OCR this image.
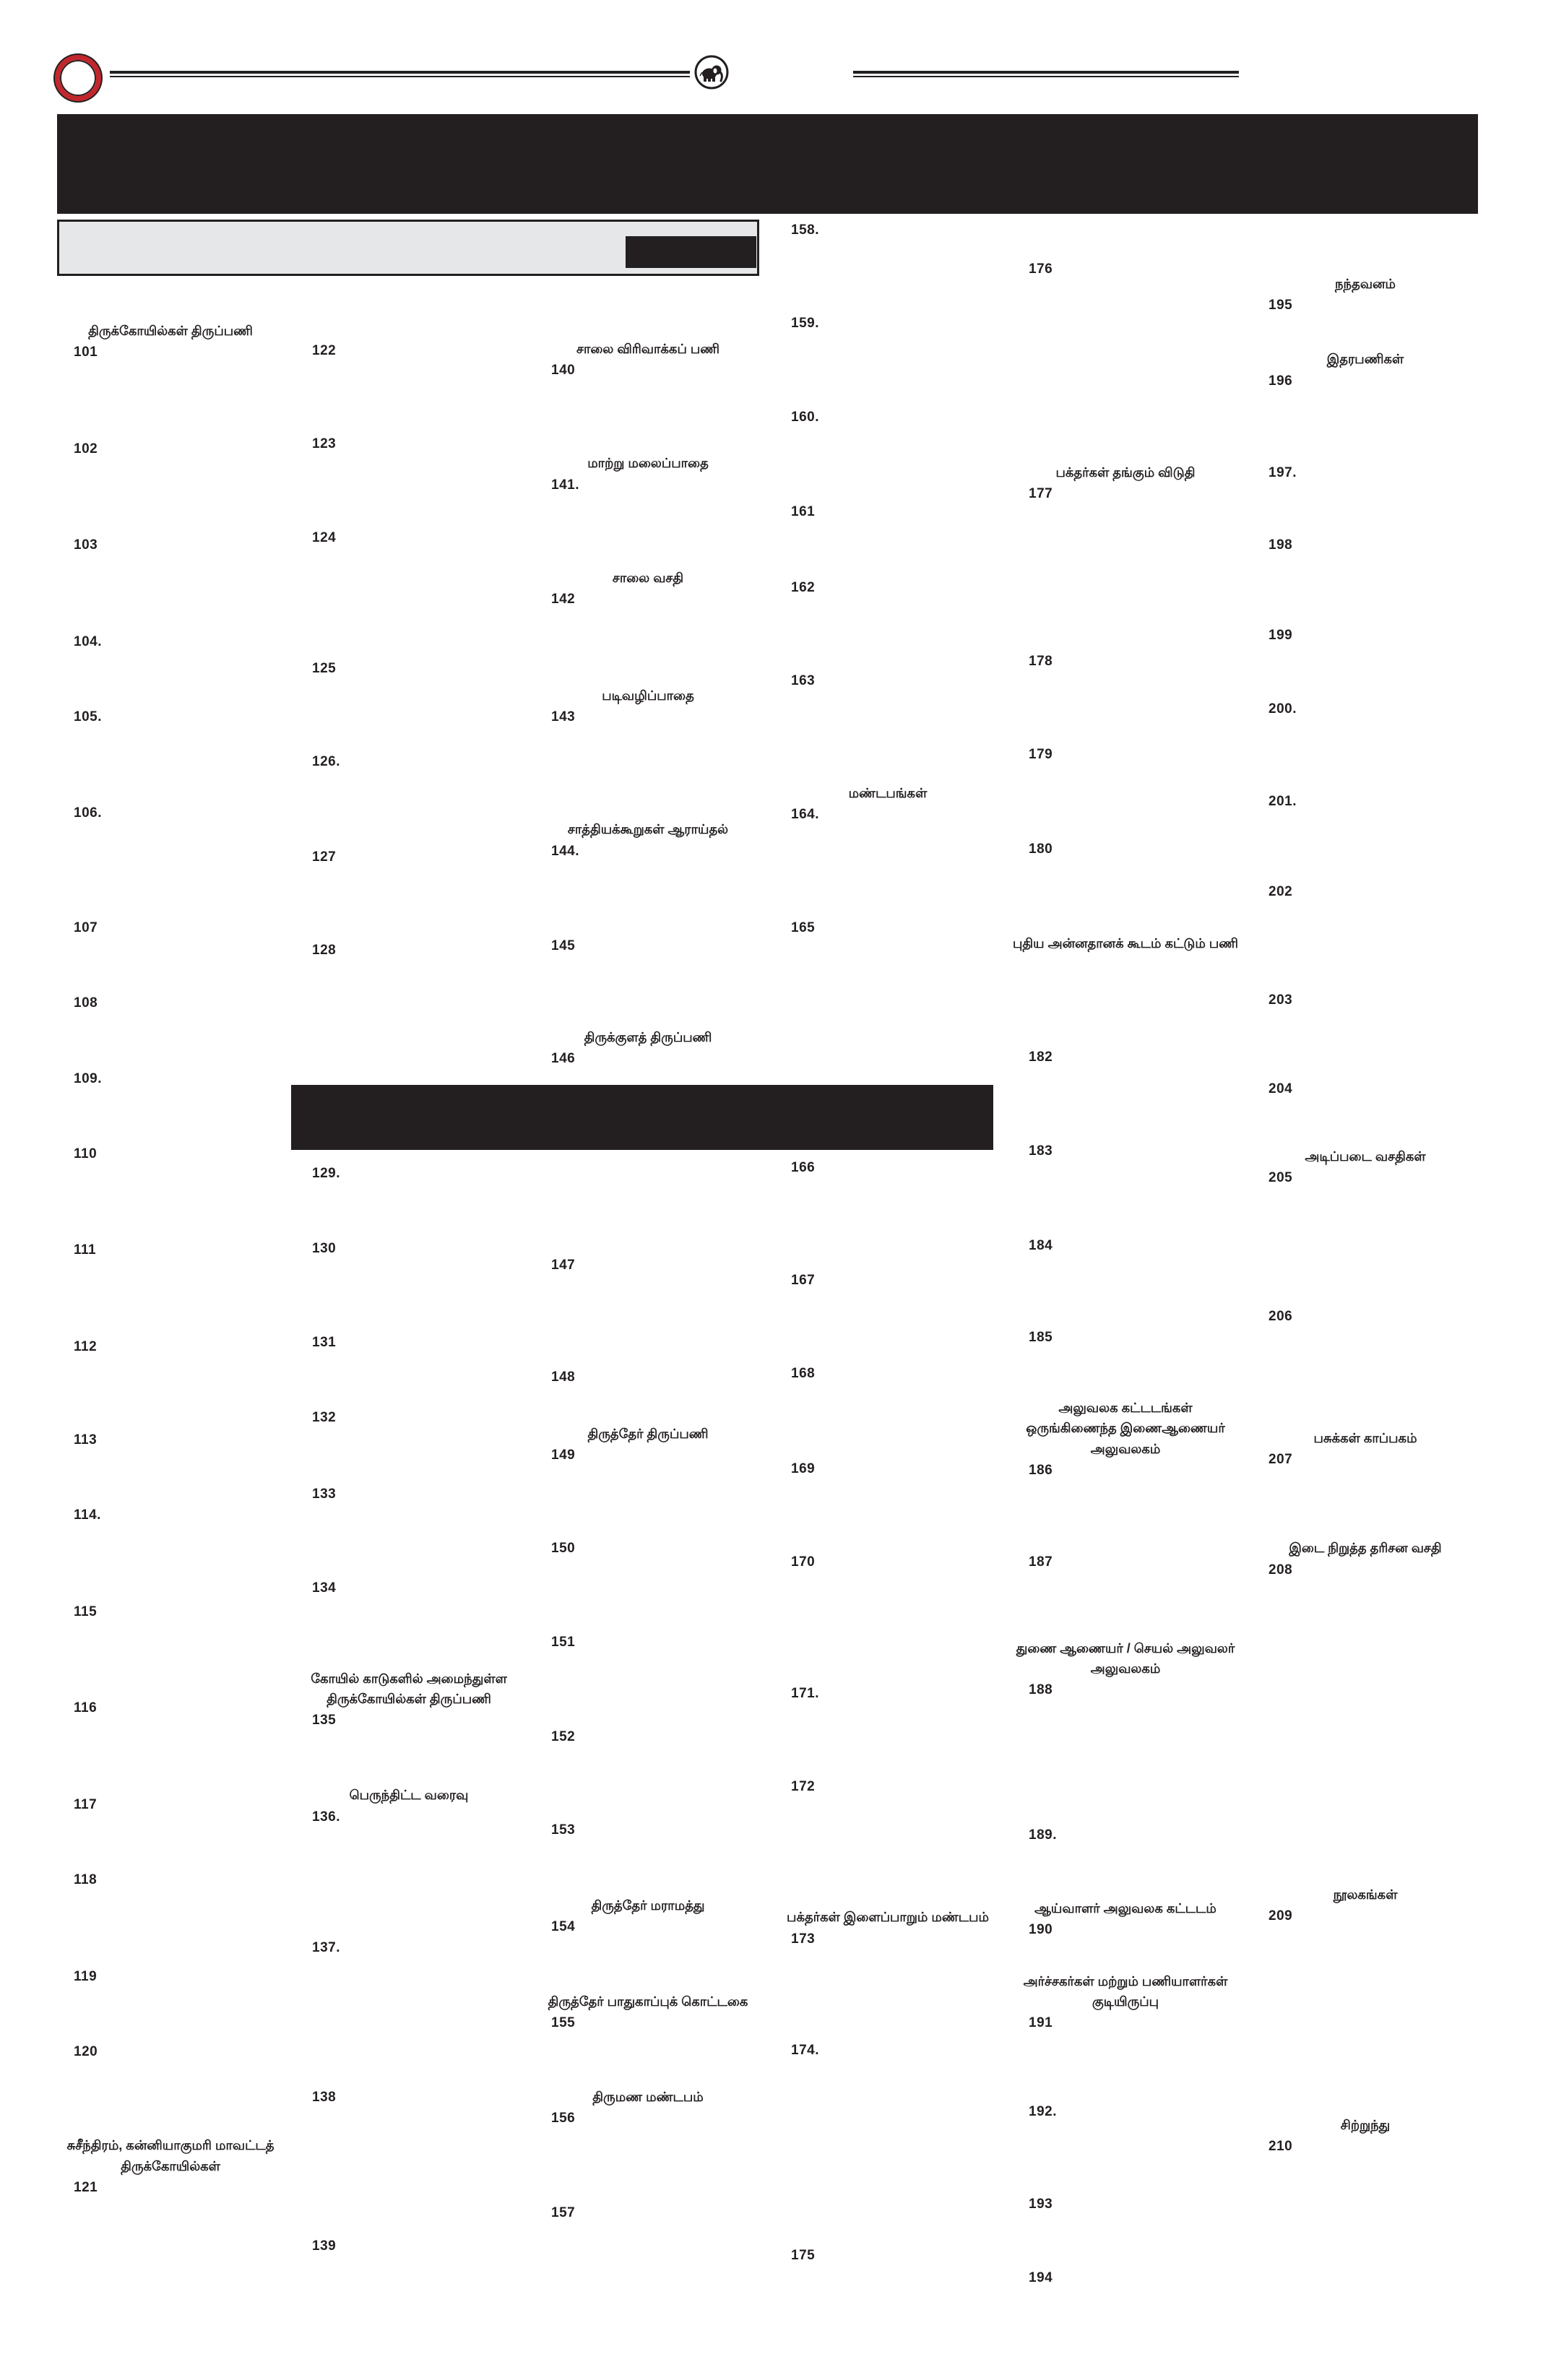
101
திருக்கோயில்கள் திருப்பணி
102
103
104.
105.
106.
107
108
109.
110
111
112
113
114.
115
116
117
118
119
120
121
சுசீந்திரம், கன்னியாகுமரி மாவட்டத்
திருக்கோயில்கள்
122
123
124
125
126.
127
128
129.
130
131
132
133
134
135
கோயில் காடுகளில் அமைந்துள்ள
திருக்கோயில்கள் திருப்பணி
136.
பெருந்திட்ட வரைவு
137.
138
139
140
சாலை விரிவாக்கப் பணி
141.
மாற்று மலைப்பாதை
142
சாலை வசதி
143
படிவழிப்பாதை
144.
சாத்தியக்கூறுகள் ஆராய்தல்
145
146
திருக்குளத் திருப்பணி
147
148
149
திருத்தேர் திருப்பணி
150
151
152
153
154
திருத்தேர் மராமத்து
155
திருத்தேர் பாதுகாப்புக் கொட்டகை
156
திருமண மண்டபம்
157
158.
159.
160.
161
162
163
164.
மண்டபங்கள்
165
166
167
168
169
170
171.
172
173
பக்தர்கள் இளைப்பாறும் மண்டபம்
174.
175
176
177
பக்தர்கள் தங்கும் விடுதி
178
179
180
புதிய அன்னதானக் கூடம் கட்டும் பணி
182
183
184
185
186
அலுவலக கட்டடங்கள்
ஒருங்கிணைந்த இணைஆணையர்
அலுவலகம்
187
188
துணை ஆணையர் / செயல் அலுவலர்
அலுவலகம்
189.
190
ஆய்வாளர் அலுவலக கட்டடம்
191
அர்ச்சகர்கள் மற்றும் பணியாளர்கள்
குடியிருப்பு
192.
193
194
195
நந்தவனம்
196
இதரபணிகள்
197.
198
199
200.
201.
202
203
204
205
அடிப்படை வசதிகள்
206
207
பசுக்கள் காப்பகம்
208
இடை நிறுத்த தரிசன வசதி
209
நூலகங்கள்
210
சிற்றுந்து
